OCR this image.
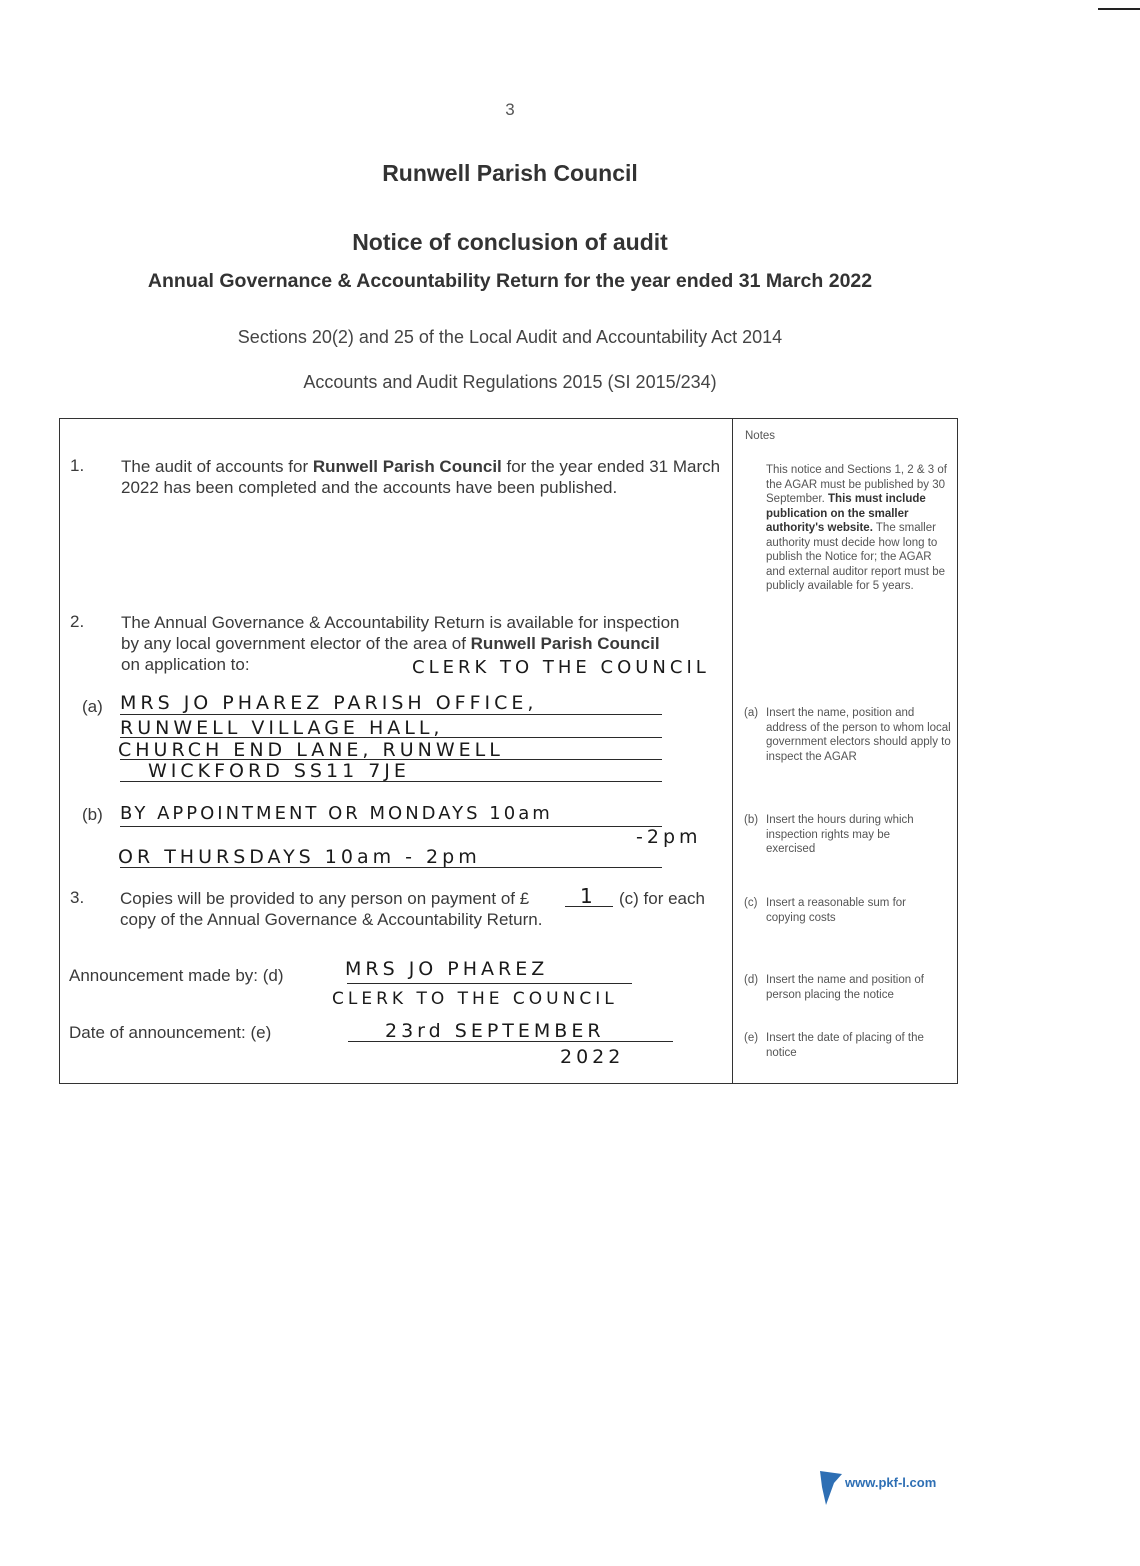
3
Runwell Parish Council
Notice of conclusion of audit
Annual Governance & Accountability Return for the year ended 31 March 2022
Sections 20(2) and 25 of the Local Audit and Accountability Act 2014
Accounts and Audit Regulations 2015 (SI 2015/234)
1. The audit of accounts for Runwell Parish Council for the year ended 31 March 2022 has been completed and the accounts have been published.
2. The Annual Governance & Accountability Return is available for inspection by any local government elector of the area of Runwell Parish Council on application to:	CLERK TO THE COUNCIL
(a) MRS JO PHAREZ PARISH OFFICE,
RUNWELL VILLAGE HALL,
CHURCH END LANE, RUNWELL
WICKFORD SS11 7JE
(b) BY APPOINTMENT OR MONDAYS 10am
-2pm
OR THURSDAYS 10am - 2pm
3. Copies will be provided to any person on payment of £	1	(c) for each copy of the Annual Governance & Accountability Return.
Announcement made by: (d)	MRS JO PHAREZ
CLERK TO THE COUNCIL
Date of announcement: (e)	23rd SEPTEMBER
2022
Notes
This notice and Sections 1, 2 & 3 of the AGAR must be published by 30 September. This must include publication on the smaller authority's website. The smaller authority must decide how long to publish the Notice for; the AGAR and external auditor report must be publicly available for 5 years.
(a) Insert the name, position and address of the person to whom local government electors should apply to inspect the AGAR
(b) Insert the hours during which inspection rights may be exercised
(c) Insert a reasonable sum for copying costs
(d) Insert the name and position of person placing the notice
(e) Insert the date of placing of the notice
www.pkf-l.com
